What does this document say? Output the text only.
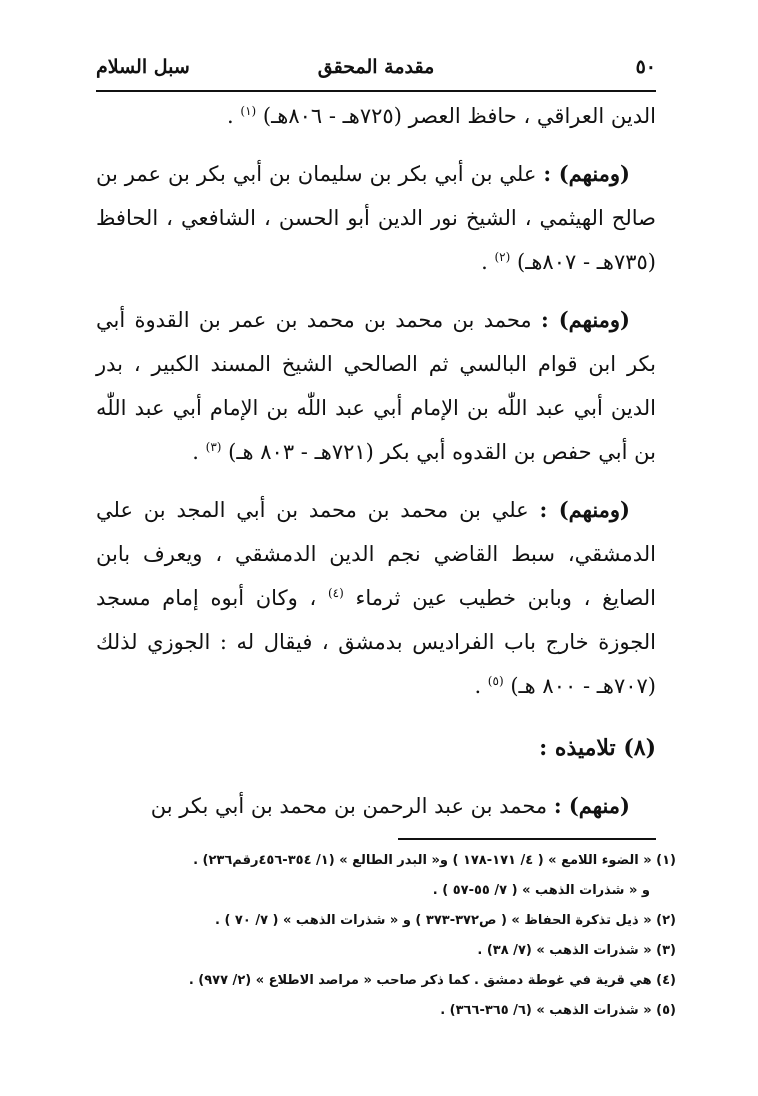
٥٠
مقدمة المحقق
سبل السلام

الدين العراقي ، حافظ العصر (٧٢٥هـ - ٨٠٦هـ) $^{(١)}$ .

(ومنهم) : علي بن أبي بكر بن سليمان بن أبي بكر بن عمر بن صالح الهيثمي ، الشيخ نور الدين أبو الحسن ، الشافعي ، الحافظ (٧٣٥هـ - ٨٠٧هـ) $^{(٢)}$ .

(ومنهم) : محمد بن محمد بن محمد بن عمر بن القدوة أبي بكر ابن قوام البالسي ثم الصالحي الشيخ المسند الكبير ، بدر الدين أبي عبد اللّٰه بن الإمام أبي عبد اللّٰه بن الإمام أبي عبد اللّٰه بن أبي حفص بن القدوه أبي بكر (٧٢١هـ - ٨٠٣ هـ) $^{(٣)}$ .

(ومنهم) : علي بن محمد بن محمد بن أبي المجد بن علي الدمشقي، سبط القاضي نجم الدين الدمشقي ، ويعرف بابن الصايغ ، وبابن خطيب عين ثرماء $^{(٤)}$ ، وكان أبوه إمام مسجد الجوزة خارج باب الفراديس بدمشق ، فيقال له : الجوزي لذلك (٧٠٧هـ - ٨٠٠ هـ) $^{(٥)}$ .

(٨) تلاميذه :

(منهم) : محمد بن عبد الرحمن بن محمد بن أبي بكر بن

(١) « الضوء اللامع » ( ٤/ ١٧١-١٧٨ ) و« البدر الطالع » (١/ ٣٥٤-٤٥٦رقم٢٣٦) .

و « شذرات الذهب » ( ٧/ ٥٥-٥٧ ) .

(٢) « ذيل تذكرة الحفاظ » ( ص٣٧٢-٣٧٣ ) و « شذرات الذهب » ( ٧/ ٧٠ ) .

(٣) « شذرات الذهب » (٧/ ٣٨) .

(٤) هي قرية في غوطة دمشق . كما ذكر صاحب « مراصد الاطلاع » (٢/ ٩٧٧) .

(٥) « شذرات الذهب » (٦/ ٣٦٥-٣٦٦) .
